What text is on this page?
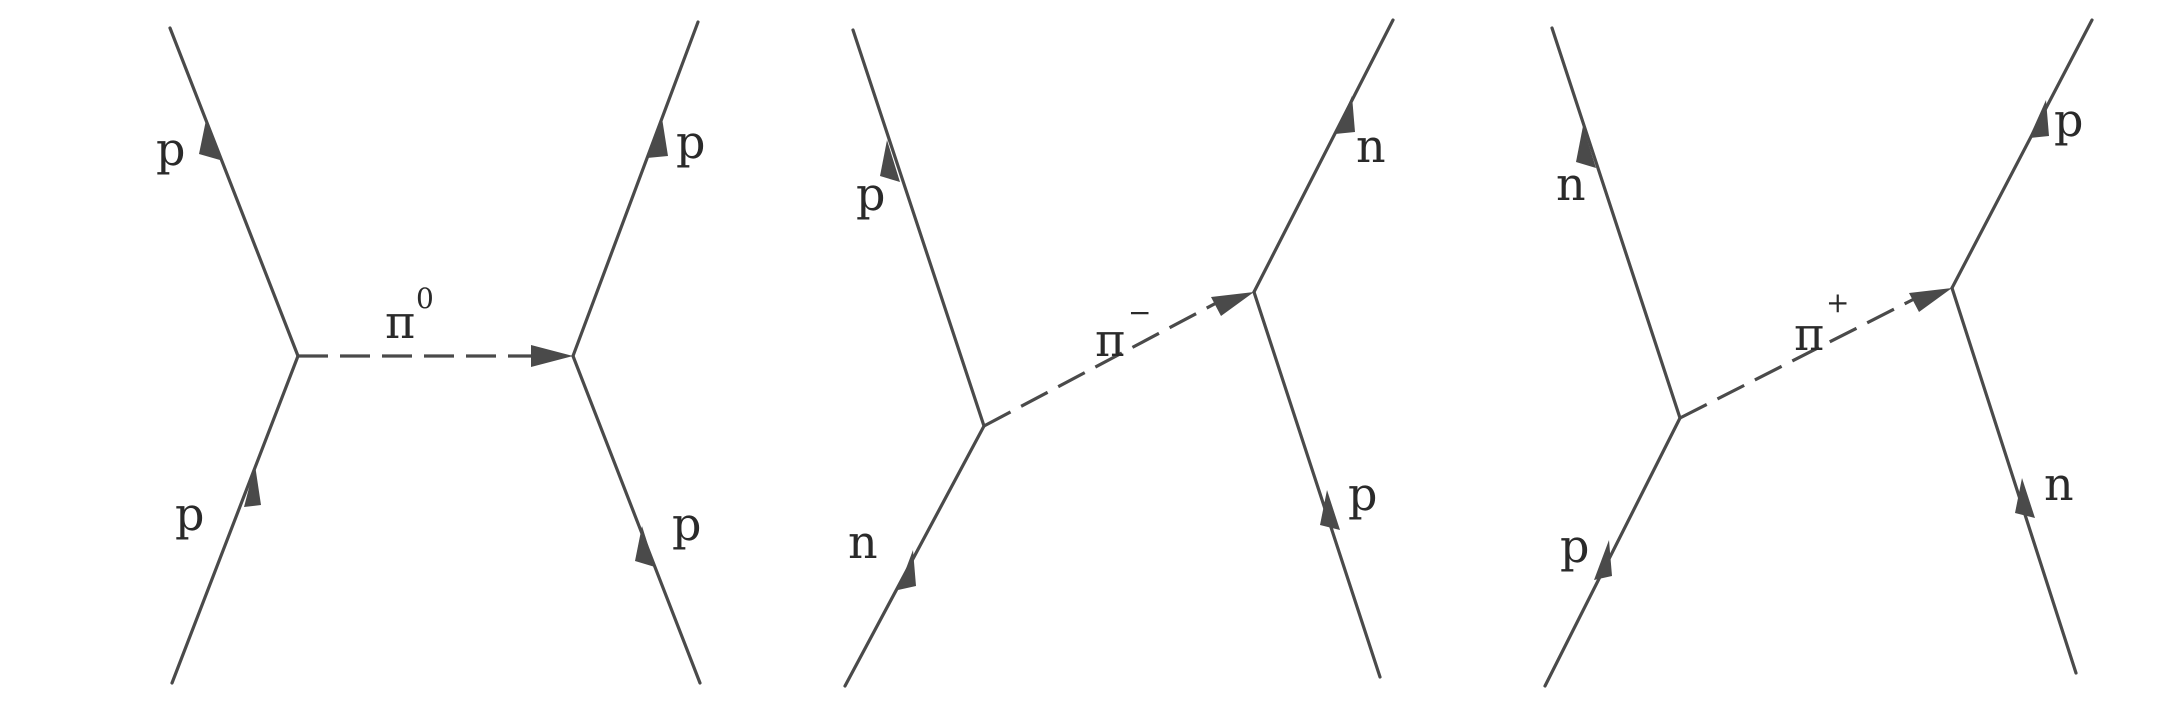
p
p
p
p
π 0
p
n
n
p
π
−
n
p
p
n
π
+
